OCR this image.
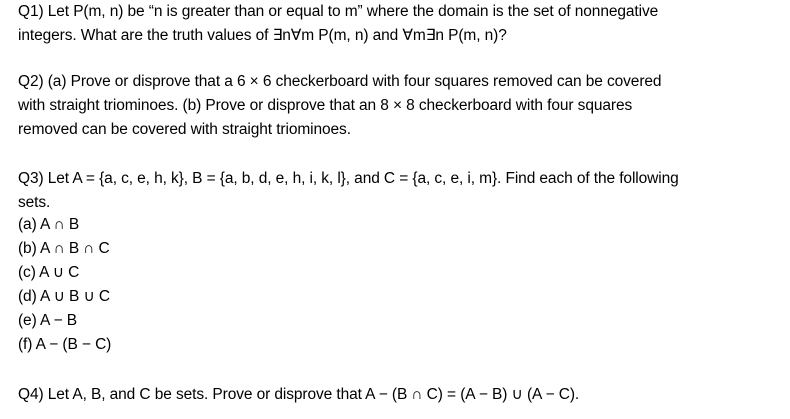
Q1) Let P(m, n) be “n is greater than or equal to m” where the domain is the set of nonnegative
integers. What are the truth values of ∃n∀m P(m, n) and ∀m∃n P(m, n)?
Q2) (a) Prove or disprove that a 6 × 6 checkerboard with four squares removed can be covered
with straight triominoes. (b) Prove or disprove that an 8 × 8 checkerboard with four squares
removed can be covered with straight triominoes.
Q3) Let A = {a, c, e, h, k}, B = {a, b, d, e, h, i, k, l}, and C = {a, c, e, i, m}. Find each of the following
sets.
(a) A ∩ B
(b) A ∩ B ∩ C
(c) A ∪ C
(d) A ∪ B ∪ C
(e) A − B
(f) A − (B − C)
Q4) Let A, B, and C be sets. Prove or disprove that A − (B ∩ C) = (A − B) ∪ (A − C).
